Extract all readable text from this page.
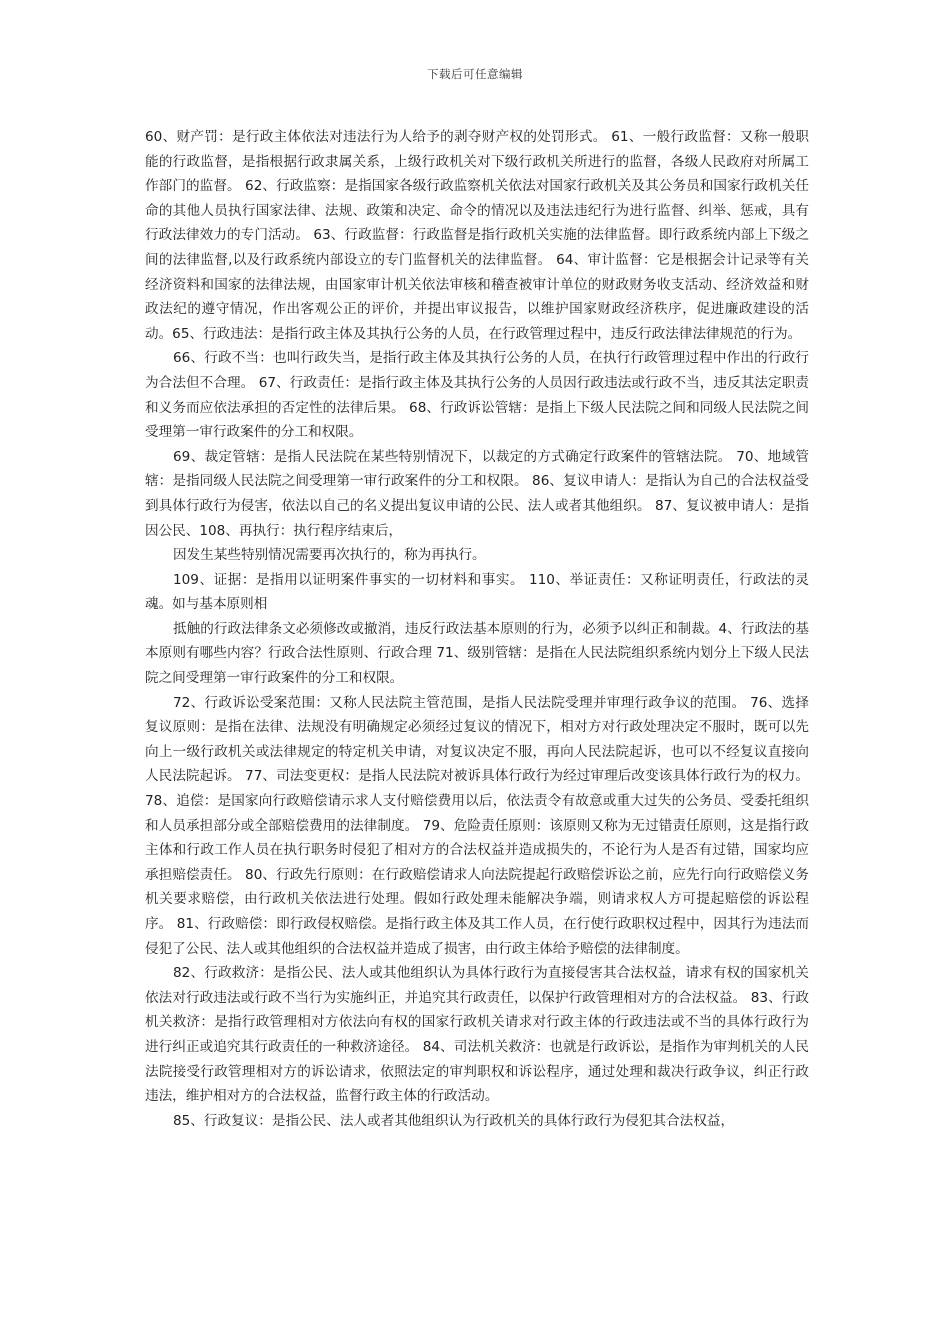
下载后可任意编辑

60、财产罚：是行政主体依法对违法行为人给予的剥夺财产权的处罚形式。 61、一般行政监督：又称一般职能的行政监督，是指根据行政隶属关系，上级行政机关对下级行政机关所进行的监督，各级人民政府对所属工作部门的监督。 62、行政监察：是指国家各级行政监察机关依法对国家行政机关及其公务员和国家行政机关任命的其他人员执行国家法律、法规、政策和决定、命令的情况以及违法违纪行为进行监督、纠举、惩戒，具有行政法律效力的专门活动。 63、行政监督：行政监督是指行政机关实施的法律监督。即行政系统内部上下级之间的法律监督,以及行政系统内部设立的专门监督机关的法律监督。 64、审计监督：它是根据会计记录等有关经济资料和国家的法律法规，由国家审计机关依法审核和稽查被审计单位的财政财务收支活动、经济效益和财政法纪的遵守情况，作出客观公正的评价，并提出审议报告，以维护国家财政经济秩序，促进廉政建设的活动。65、行政违法：是指行政主体及其执行公务的人员，在行政管理过程中，违反行政法律法律规范的行为。

66、行政不当：也叫行政失当，是指行政主体及其执行公务的人员，在执行行政管理过程中作出的行政行为合法但不合理。 67、行政责任：是指行政主体及其执行公务的人员因行政违法或行政不当，违反其法定职责和义务而应依法承担的否定性的法律后果。 68、行政诉讼管辖：是指上下级人民法院之间和同级人民法院之间受理第一审行政案件的分工和权限。

69、裁定管辖：是指人民法院在某些特别情况下，以裁定的方式确定行政案件的管辖法院。 70、地域管辖：是指同级人民法院之间受理第一审行政案件的分工和权限。 86、复议申请人：是指认为自己的合法权益受到具体行政行为侵害，依法以自己的名义提出复议申请的公民、法人或者其他组织。 87、复议被申请人：是指因公民、108、再执行：执行程序结束后，

因发生某些特别情况需要再次执行的，称为再执行。

109、证据：是指用以证明案件事实的一切材料和事实。 110、举证责任：又称证明责任，行政法的灵魂。如与基本原则相

抵触的行政法律条文必须修改或撤消，违反行政法基本原则的行为，必须予以纠正和制裁。4、行政法的基本原则有哪些内容？行政合法性原则、行政合理 71、级别管辖：是指在人民法院组织系统内划分上下级人民法院之间受理第一审行政案件的分工和权限。

72、行政诉讼受案范围：又称人民法院主管范围，是指人民法院受理并审理行政争议的范围。 76、选择复议原则：是指在法律、法规没有明确规定必须经过复议的情况下，相对方对行政处理决定不服时，既可以先向上一级行政机关或法律规定的特定机关申请，对复议决定不服，再向人民法院起诉，也可以不经复议直接向人民法院起诉。 77、司法变更权：是指人民法院对被诉具体行政行为经过审理后改变该具体行政行为的权力。 78、追偿：是国家向行政赔偿请示求人支付赔偿费用以后，依法责令有故意或重大过失的公务员、受委托组织和人员承担部分或全部赔偿费用的法律制度。 79、危险责任原则：该原则又称为无过错责任原则，这是指行政主体和行政工作人员在执行职务时侵犯了相对方的合法权益并造成损失的，不论行为人是否有过错，国家均应承担赔偿责任。 80、行政先行原则：在行政赔偿请求人向法院提起行政赔偿诉讼之前，应先行向行政赔偿义务机关要求赔偿，由行政机关依法进行处理。假如行政处理未能解决争端，则请求权人方可提起赔偿的诉讼程序。 81、行政赔偿：即行政侵权赔偿。是指行政主体及其工作人员，在行使行政职权过程中，因其行为违法而侵犯了公民、法人或其他组织的合法权益并造成了损害，由行政主体给予赔偿的法律制度。

82、行政救济：是指公民、法人或其他组织认为具体行政行为直接侵害其合法权益，请求有权的国家机关依法对行政违法或行政不当行为实施纠正，并追究其行政责任，以保护行政管理相对方的合法权益。 83、行政机关救济：是指行政管理相对方依法向有权的国家行政机关请求对行政主体的行政违法或不当的具体行政行为进行纠正或追究其行政责任的一种救济途径。 84、司法机关救济：也就是行政诉讼，是指作为审判机关的人民法院接受行政管理相对方的诉讼请求，依照法定的审判职权和诉讼程序，通过处理和裁决行政争议，纠正行政违法，维护相对方的合法权益，监督行政主体的行政活动。

85、行政复议：是指公民、法人或者其他组织认为行政机关的具体行政行为侵犯其合法权益，
